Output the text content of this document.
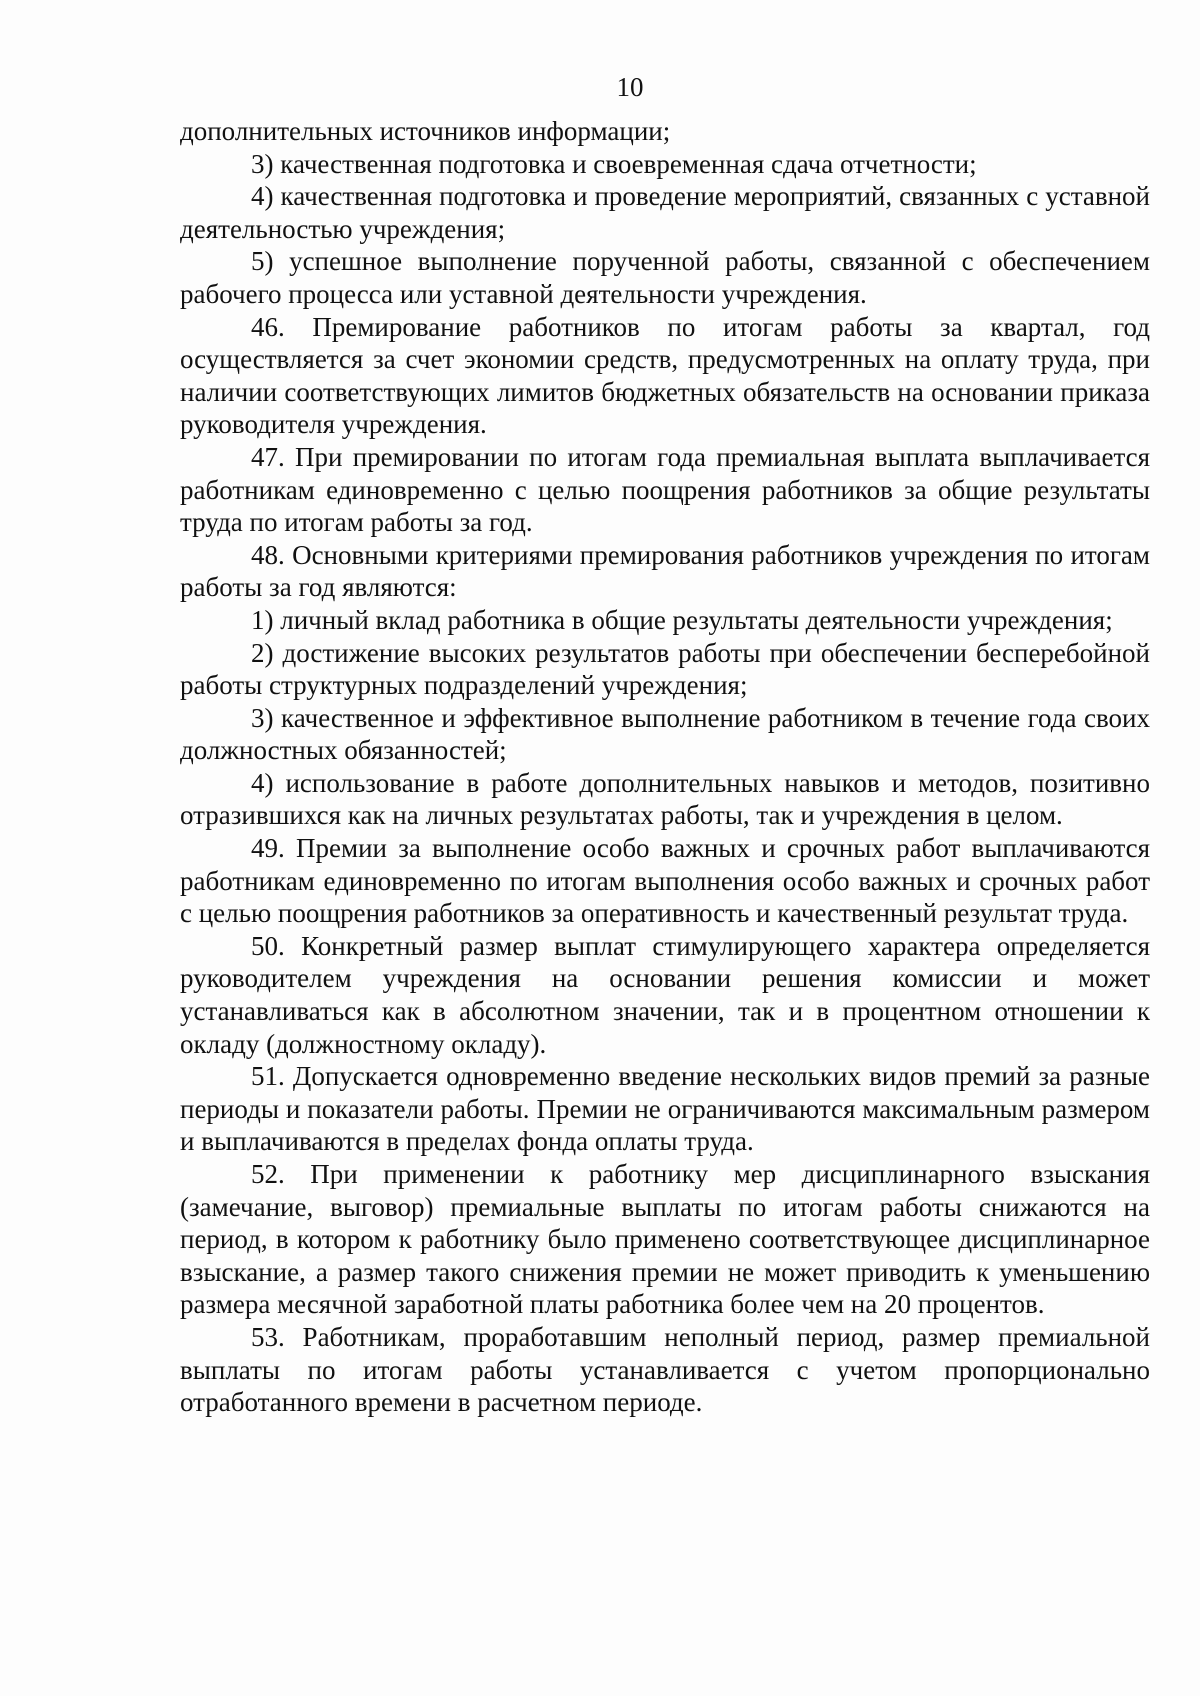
10

дополнительных источников информации;

3) качественная подготовка и своевременная сдача отчетности;

4) качественная подготовка и проведение мероприятий, связанных с уставной деятельностью учреждения;

5) успешное выполнение порученной работы, связанной с обеспечением рабочего процесса или уставной деятельности учреждения.

46. Премирование работников по итогам работы за квартал, год осуществляется за счет экономии средств, предусмотренных на оплату труда, при наличии соответствующих лимитов бюджетных обязательств на основании приказа руководителя учреждения.

47. При премировании по итогам года премиальная выплата выплачивается работникам единовременно с целью поощрения работников за общие результаты труда по итогам работы за год.

48. Основными критериями премирования работников учреждения по итогам работы за год являются:

1) личный вклад работника в общие результаты деятельности учреждения;

2) достижение высоких результатов работы при обеспечении бесперебойной работы структурных подразделений учреждения;

3) качественное и эффективное выполнение работником в течение года своих должностных обязанностей;

4) использование в работе дополнительных навыков и методов, позитивно отразившихся как на личных результатах работы, так и учреждения в целом.

49. Премии за выполнение особо важных и срочных работ выплачиваются работникам единовременно по итогам выполнения особо важных и срочных работ с целью поощрения работников за оперативность и качественный результат труда.

50. Конкретный размер выплат стимулирующего характера определяется руководителем учреждения на основании решения комиссии и может устанавливаться как в абсолютном значении, так и в процентном отношении к окладу (должностному окладу).

51. Допускается одновременно введение нескольких видов премий за разные периоды и показатели работы. Премии не ограничиваются максимальным размером и выплачиваются в пределах фонда оплаты труда.

52. При применении к работнику мер дисциплинарного взыскания (замечание, выговор) премиальные выплаты по итогам работы снижаются на период, в котором к работнику было применено соответствующее дисциплинарное взыскание, а размер такого снижения премии не может приводить к уменьшению размера месячной заработной платы работника более чем на 20 процентов.

53. Работникам, проработавшим неполный период, размер премиальной выплаты по итогам работы устанавливается с учетом пропорционально отработанного времени в расчетном периоде.
